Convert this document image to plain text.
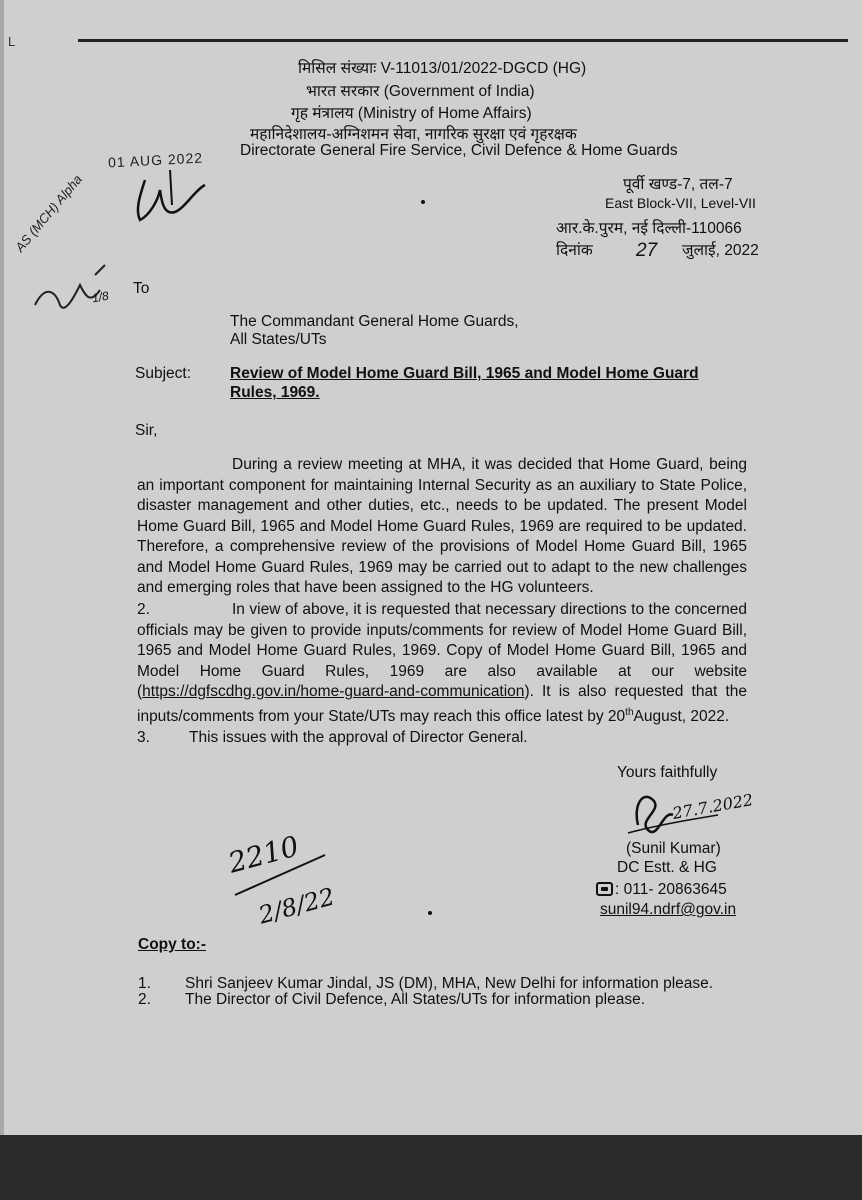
L
मिसिल संख्याः V-11013/01/2022-DGCD (HG)
भारत सरकार (Government of India)
गृह मंत्रालय (Ministry of Home Affairs)
महानिदेशालय-अग्निशमन सेवा, नागरिक सुरक्षा एवं गृहरक्षक
Directorate General Fire Service, Civil Defence & Home Guards
पूर्वी खण्ड-7, तल-7
East Block-VII, Level-VII
आर.के.पुरम, नई दिल्ली-110066
दिनांक 27 जुलाई, 2022
01 AUG 2022
AS (MCH) Alpha
1/8 To
The Commandant General Home Guards,
All States/UTs
Subject:	Review of Model Home Guard Bill, 1965 and Model Home Guard
Rules, 1969.
Sir,
During a review meeting at MHA, it was decided that Home Guard, being an important component for maintaining Internal Security as an auxiliary to State Police, disaster management and other duties, etc., needs to be updated. The present Model Home Guard Bill, 1965 and Model Home Guard Rules, 1969 are required to be updated. Therefore, a comprehensive review of the provisions of Model Home Guard Bill, 1965 and Model Home Guard Rules, 1969 may be carried out to adapt to the new challenges and emerging roles that have been assigned to the HG volunteers.
2.	In view of above, it is requested that necessary directions to the concerned officials may be given to provide inputs/comments for review of Model Home Guard Bill, 1965 and Model Home Guard Rules, 1969. Copy of Model Home Guard Bill, 1965 and Model Home Guard Rules, 1969 are also available at our website (https://dgfscdhg.gov.in/home-guard-and-communication). It is also requested that the inputs/comments from your State/UTs may reach this office latest by 20thAugust, 2022.
3.	This issues with the approval of Director General.
Yours faithfully
27.7.2022
(Sunil Kumar)
DC Estt. & HG
: 011- 20863645
sunil94.ndrf@gov.in
2210
2/8/22
Copy to:-
1. Shri Sanjeev Kumar Jindal, JS (DM), MHA, New Delhi for information please.
2. The Director of Civil Defence, All States/UTs for information please.
